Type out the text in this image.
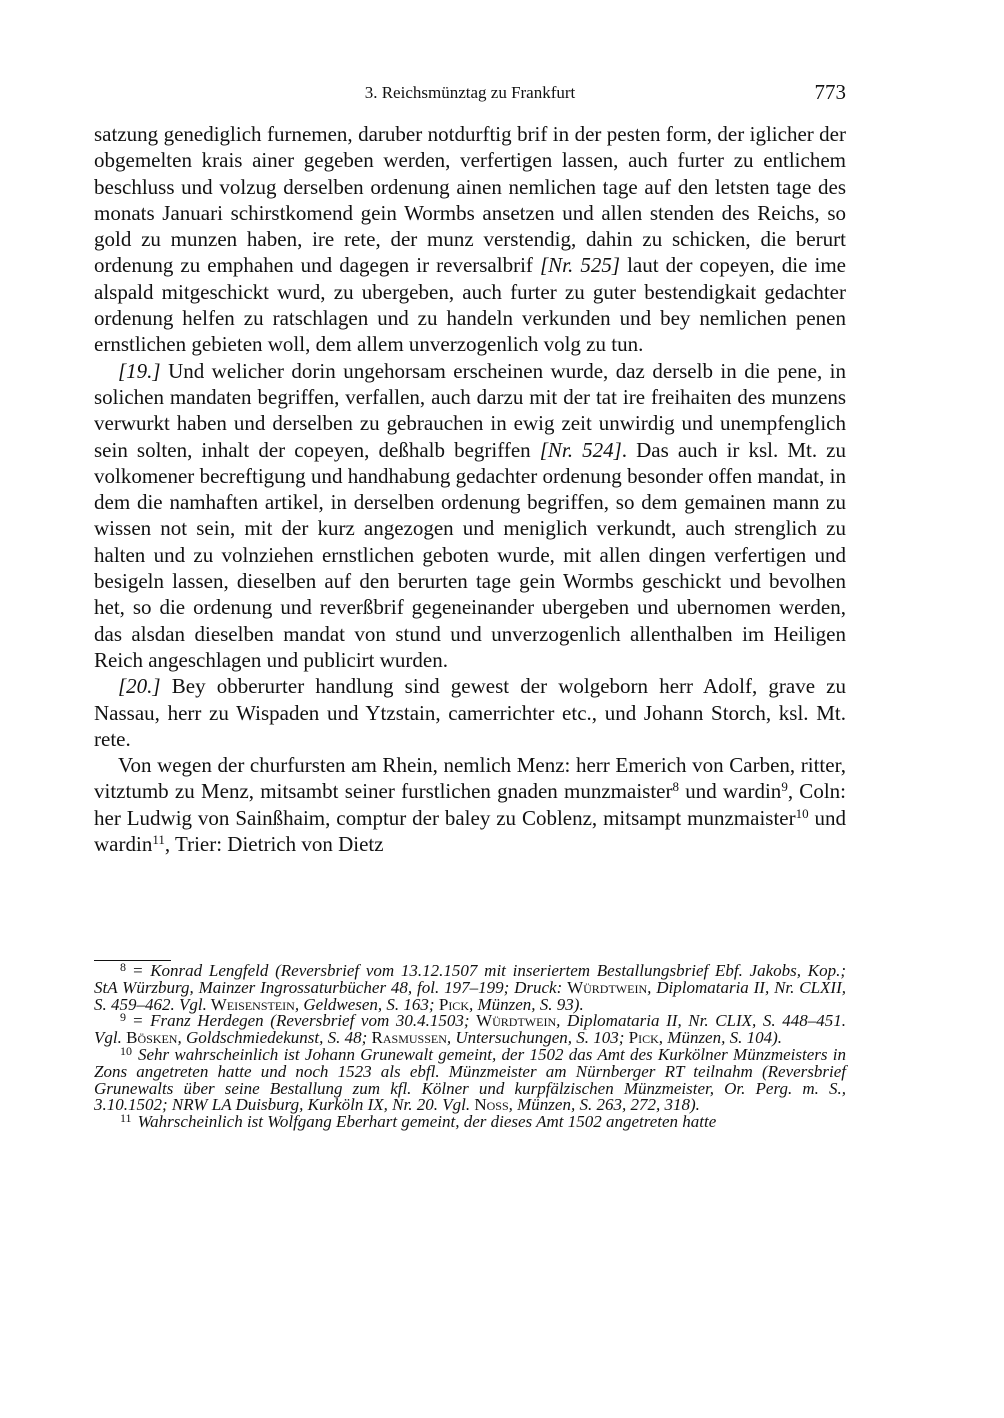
3. Reichsmünztag zu Frankfurt	773

satzung genediglich furnemen, daruber notdurftig brif in der pesten form, der iglicher der obgemelten krais ainer gegeben werden, verfertigen lassen, auch furter zu entlichem beschluss und volzug derselben ordenung ainen nemlichen tage auf den letsten tage des monats Januari schirstkomend gein Wormbs ansetzen und allen stenden des Reichs, so gold zu munzen haben, ire rete, der munz verstendig, dahin zu schicken, die berurt ordenung zu emphahen und dagegen ir reversalbrif [Nr. 525] laut der copeyen, die ime alspald mitgeschickt wurd, zu ubergeben, auch furter zu guter bestendigkait gedachter ordenung helfen zu ratschlagen und zu handeln verkunden und bey nemlichen penen ernstlichen gebieten woll, dem allem unverzogenlich volg zu tun.

[19.] Und welicher dorin ungehorsam erscheinen wurde, daz derselb in die pene, in solichen mandaten begriffen, verfallen, auch darzu mit der tat ire freihaiten des munzens verwurkt haben und derselben zu gebrauchen in ewig zeit unwirdig und unempfenglich sein solten, inhalt der copeyen, deßhalb begriffen [Nr. 524]. Das auch ir ksl. Mt. zu volkomener becreftigung und handhabung gedachter ordenung besonder offen mandat, in dem die namhaften artikel, in derselben ordenung begriffen, so dem gemainen mann zu wissen not sein, mit der kurz angezogen und meniglich verkundt, auch strenglich zu halten und zu volnziehen ernstlichen geboten wurde, mit allen dingen verfertigen und besigeln lassen, dieselben auf den berurten tage gein Wormbs geschickt und bevolhen het, so die ordenung und reverßbrif gegeneinander ubergeben und ubernomen werden, das alsdan dieselben mandat von stund und unverzogenlich allenthalben im Heiligen Reich angeschlagen und publicirt wurden.

[20.] Bey obberurter handlung sind gewest der wolgeborn herr Adolf, grave zu Nassau, herr zu Wispaden und Ytzstain, camerrichter etc., und Johann Storch, ksl. Mt. rete.

Von wegen der churfursten am Rhein, nemlich Menz: herr Emerich von Carben, ritter, vitztumb zu Menz, mitsambt seiner furstlichen gnaden munzmaister$^8$ und wardin$^9$, Coln: her Ludwig von Sainßhaim, comptur der baley zu Coblenz, mitsampt munzmaister$^{10}$ und wardin$^{11}$, Trier: Dietrich von Dietz

$^8$ = Konrad Lengfeld (Reversbrief vom 13.12.1507 mit inseriertem Bestallungsbrief Ebf. Jakobs, Kop.; StA Würzburg, Mainzer Ingrossaturbücher 48, fol. 197–199; Druck: Würdtwein, Diplomataria II, Nr. CLXII, S. 459–462. Vgl. Weisenstein, Geldwesen, S. 163; Pick, Münzen, S. 93).

$^9$ = Franz Herdegen (Reversbrief vom 30.4.1503; Würdtwein, Diplomataria II, Nr. CLIX, S. 448–451. Vgl. Bösken, Goldschmiedekunst, S. 48; Rasmussen, Untersuchungen, S. 103; Pick, Münzen, S. 104).

$^{10}$ Sehr wahrscheinlich ist Johann Grunewalt gemeint, der 1502 das Amt des Kurkölner Münzmeisters in Zons angetreten hatte und noch 1523 als ebfl. Münzmeister am Nürnberger RT teilnahm (Reversbrief Grunewalts über seine Bestallung zum kfl. Kölner und kurpfälzischen Münzmeister, Or. Perg. m. S., 3.10.1502; NRW LA Duisburg, Kurköln IX, Nr. 20. Vgl. Noss, Münzen, S. 263, 272, 318).

$^{11}$ Wahrscheinlich ist Wolfgang Eberhart gemeint, der dieses Amt 1502 angetreten hatte
